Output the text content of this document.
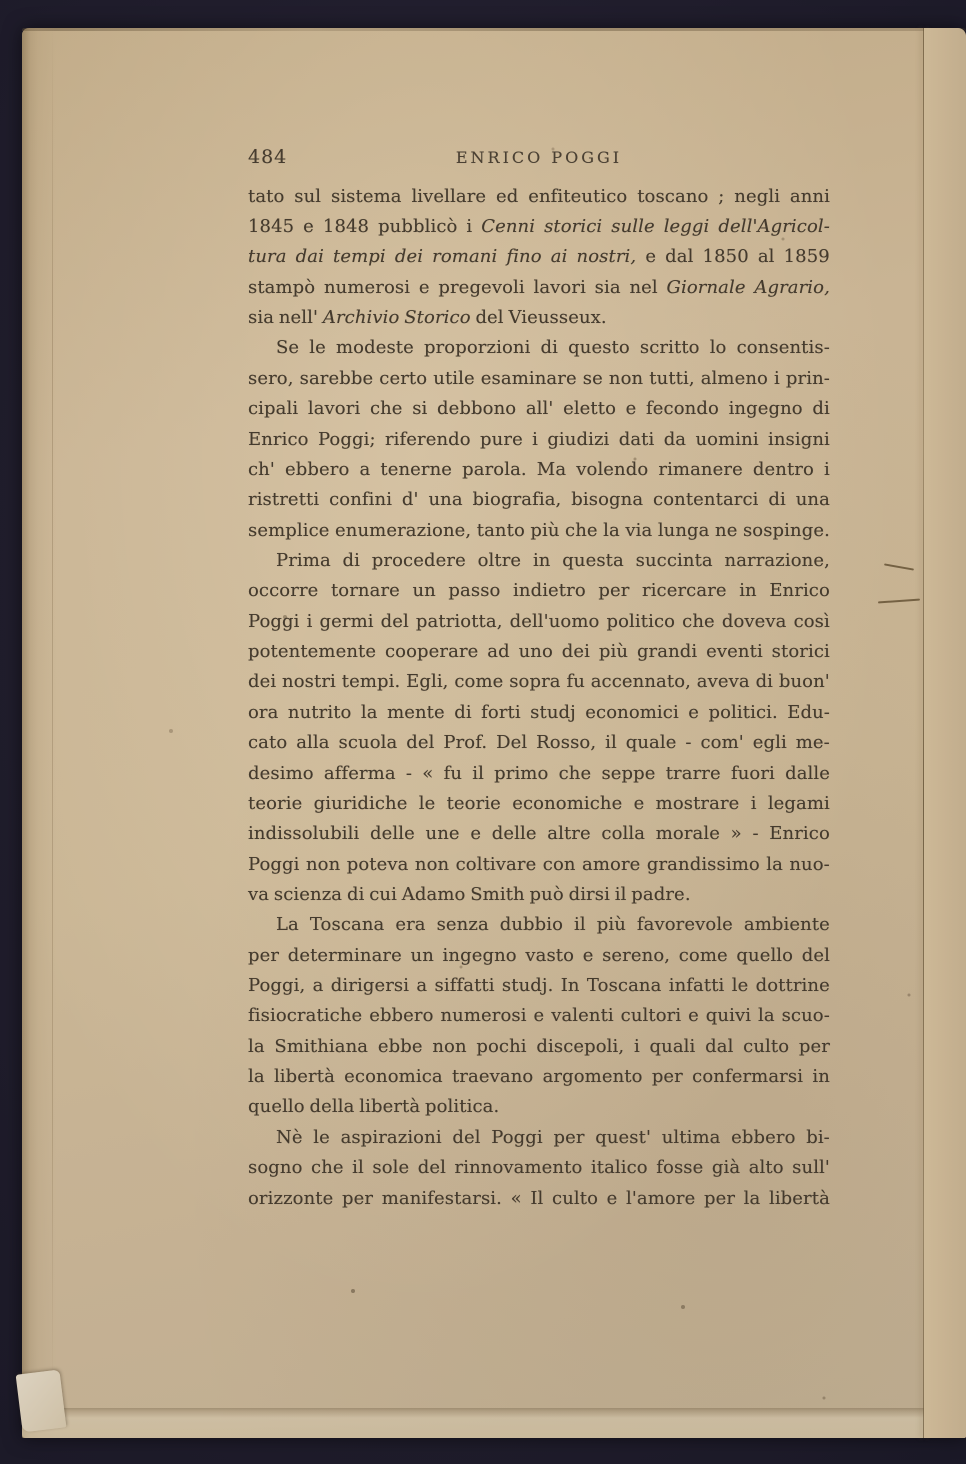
484	ENRICO POGGI
tato sul sistema livellare ed enfiteutico toscano ; negli anni
1845 e 1848 pubblicò i Cenni storici sulle leggi dell'Agricol-
tura dai tempi dei romani fino ai nostri, e dal 1850 al 1859
stampò numerosi e pregevoli lavori sia nel Giornale Agrario,
sia nell' Archivio Storico del Vieusseux.
Se le modeste proporzioni di questo scritto lo consentis-
sero, sarebbe certo utile esaminare se non tutti, almeno i prin-
cipali lavori che si debbono all' eletto e fecondo ingegno di
Enrico Poggi; riferendo pure i giudizi dati da uomini insigni
ch' ebbero a tenerne parola. Ma volendo rimanere dentro i
ristretti confini d' una biografia, bisogna contentarci di una
semplice enumerazione, tanto più che la via lunga ne sospinge.
Prima di procedere oltre in questa succinta narrazione,
occorre tornare un passo indietro per ricercare in Enrico
Poggi i germi del patriotta, dell'uomo politico che doveva così
potentemente cooperare ad uno dei più grandi eventi storici
dei nostri tempi. Egli, come sopra fu accennato, aveva di buon'
ora nutrito la mente di forti studj economici e politici. Edu-
cato alla scuola del Prof. Del Rosso, il quale - com' egli me-
desimo afferma - « fu il primo che seppe trarre fuori dalle
teorie giuridiche le teorie economiche e mostrare i legami
indissolubili delle une e delle altre colla morale » - Enrico
Poggi non poteva non coltivare con amore grandissimo la nuo-
va scienza di cui Adamo Smith può dirsi il padre.
La Toscana era senza dubbio il più favorevole ambiente
per determinare un ingegno vasto e sereno, come quello del
Poggi, a dirigersi a siffatti studj. In Toscana infatti le dottrine
fisiocratiche ebbero numerosi e valenti cultori e quivi la scuo-
la Smithiana ebbe non pochi discepoli, i quali dal culto per
la libertà economica traevano argomento per confermarsi in
quello della libertà politica.
Nè le aspirazioni del Poggi per quest' ultima ebbero bi-
sogno che il sole del rinnovamento italico fosse già alto sull'
orizzonte per manifestarsi. « Il culto e l'amore per la libertà
